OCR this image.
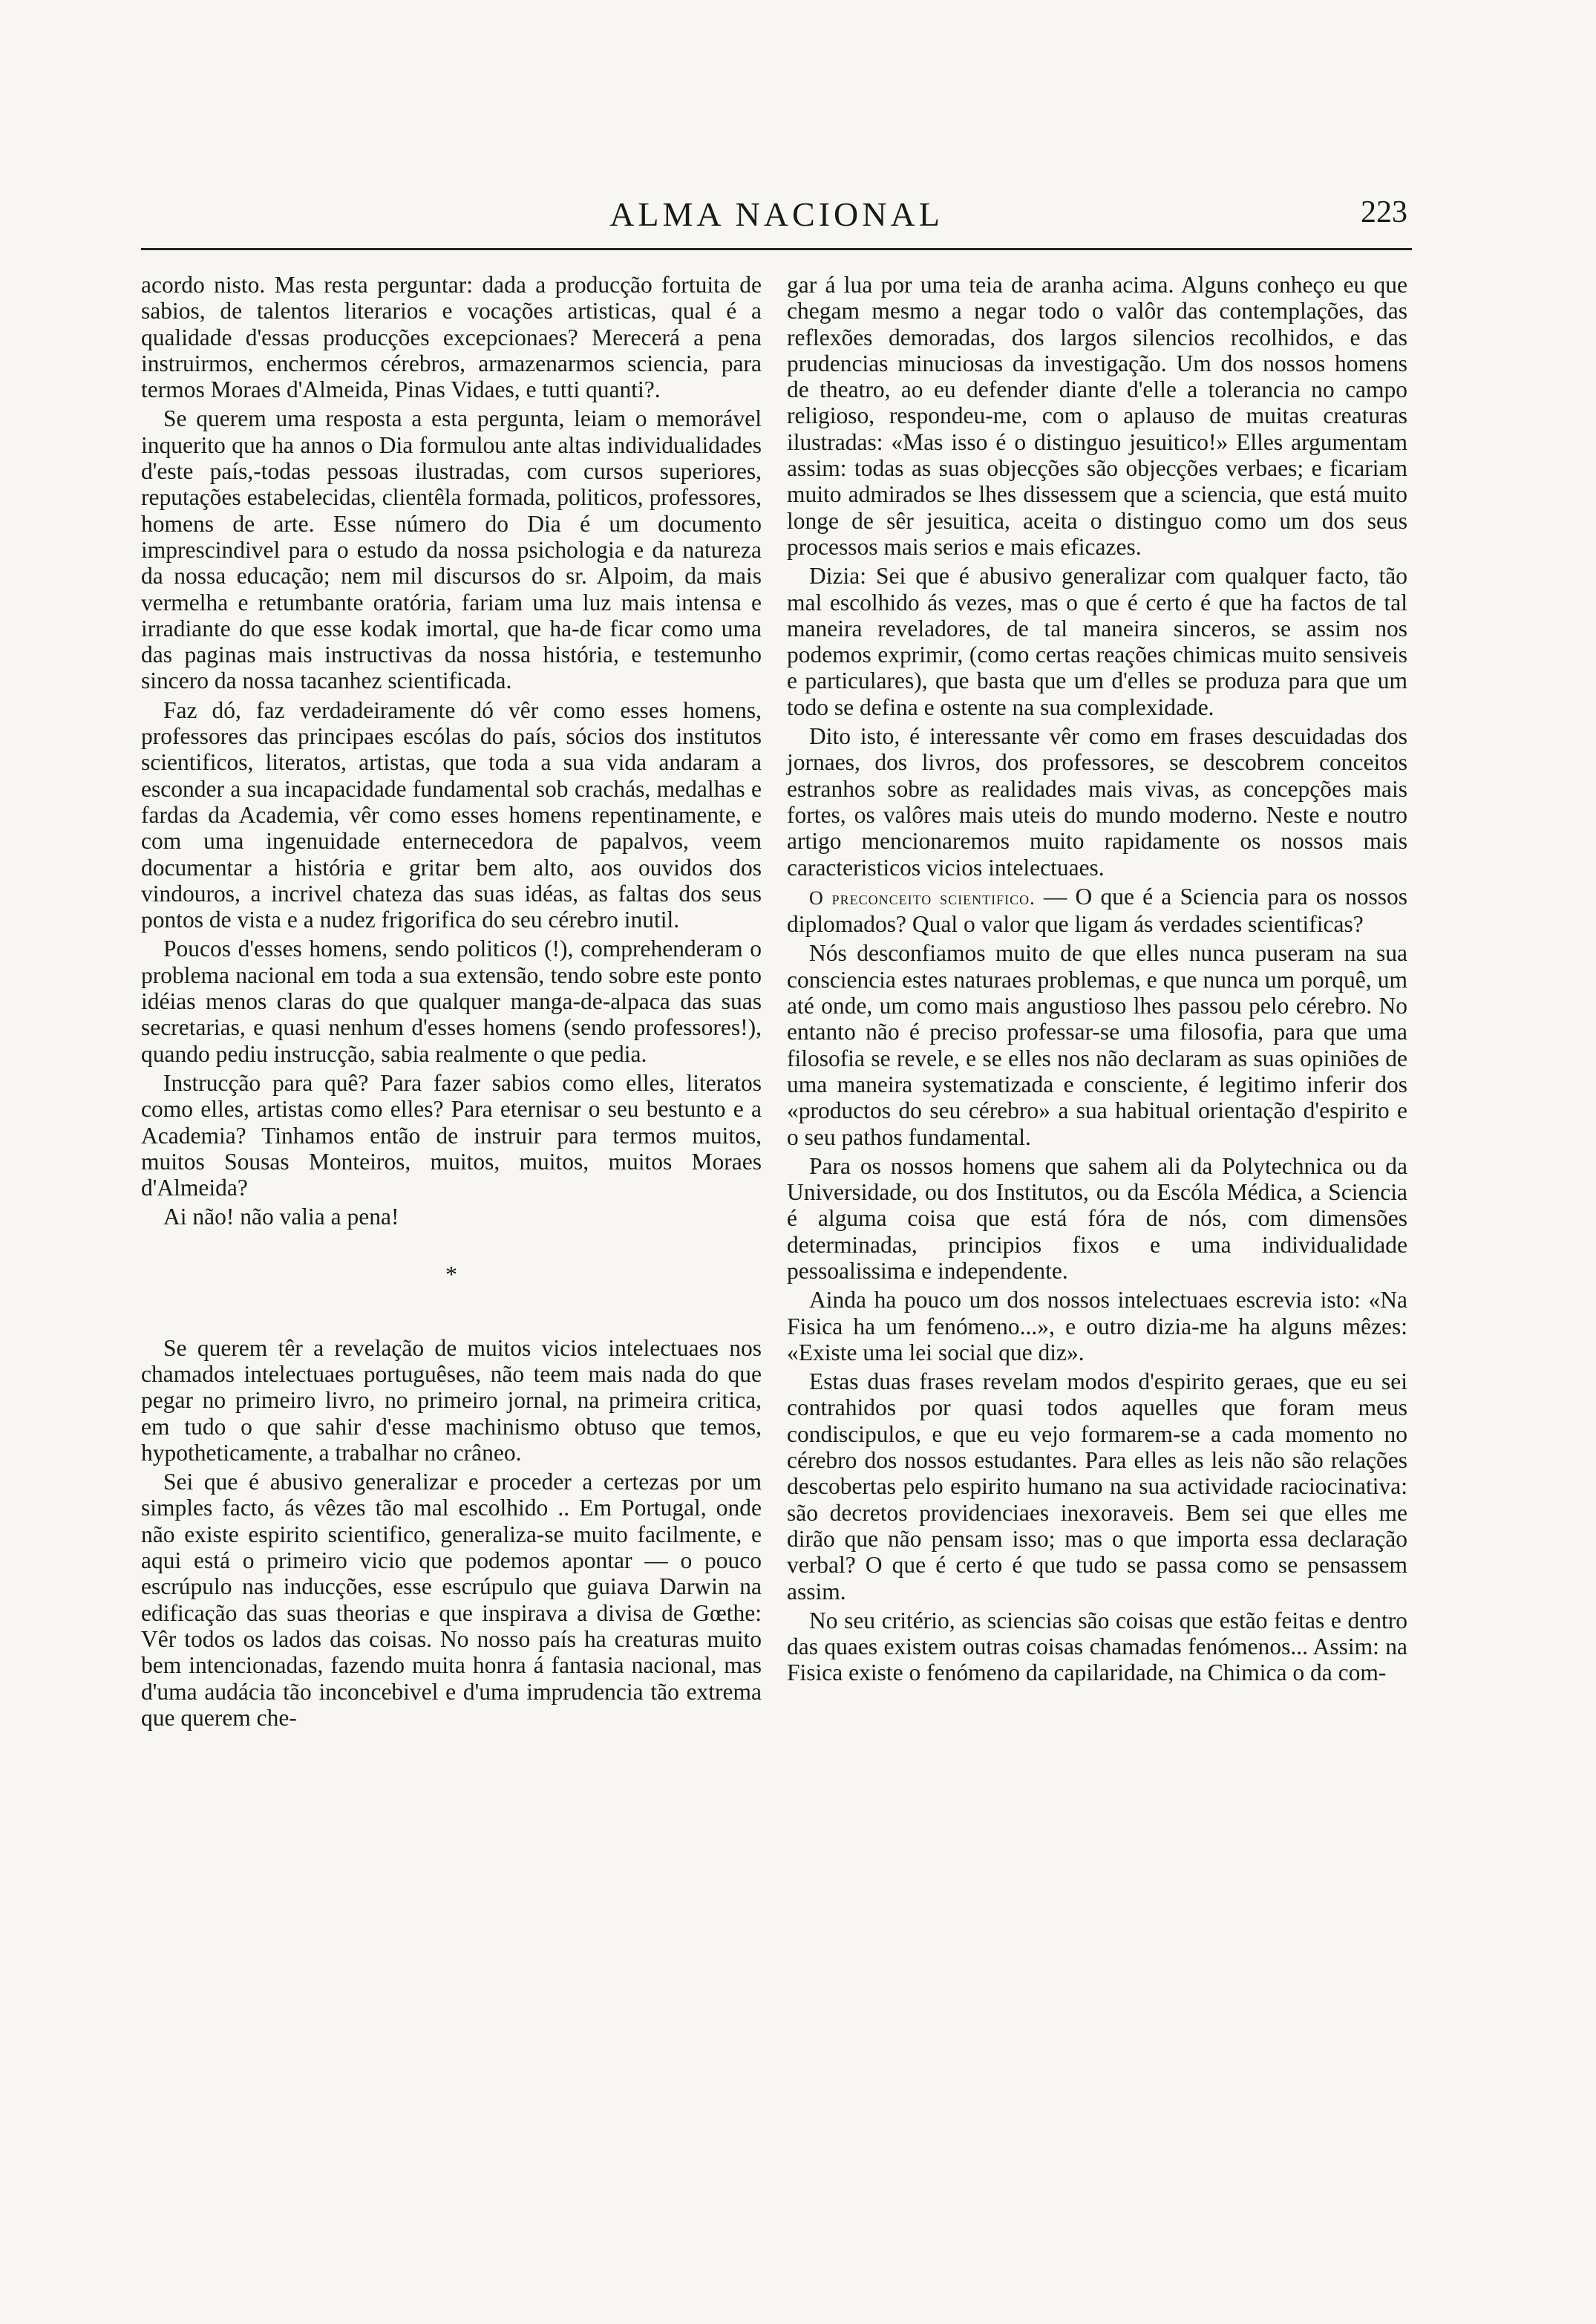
ALMA NACIONAL	223

acordo nisto. Mas resta perguntar: dada a producção fortuita de sabios, de talentos literarios e vocações artisticas, qual é a qualidade d'essas producções excepcionaes? Merecerá a pena instruirmos, enchermos cérebros, armazenarmos sciencia, para termos Moraes d'Almeida, Pinas Vidaes, e tutti quanti?.

Se querem uma resposta a esta pergunta, leiam o memorável inquerito que ha annos o Dia formulou ante altas individualidades d'este país,-todas pessoas ilustradas, com cursos superiores, reputações estabelecidas, clientêla formada, politicos, professores, homens de arte. Esse número do Dia é um documento imprescindivel para o estudo da nossa psichologia e da natureza da nossa educação; nem mil discursos do sr. Alpoim, da mais vermelha e retumbante oratória, fariam uma luz mais intensa e irradiante do que esse kodak imortal, que ha-de ficar como uma das paginas mais instructivas da nossa história, e testemunho sincero da nossa tacanhez scientificada.

Faz dó, faz verdadeiramente dó vêr como esses homens, professores das principaes escólas do país, sócios dos institutos scientificos, literatos, artistas, que toda a sua vida andaram a esconder a sua incapacidade fundamental sob crachás, medalhas e fardas da Academia, vêr como esses homens repentinamente, e com uma ingenuidade enternecedora de papalvos, veem documentar a história e gritar bem alto, aos ouvidos dos vindouros, a incrivel chateza das suas idéas, as faltas dos seus pontos de vista e a nudez frigorifica do seu cérebro inutil.

Poucos d'esses homens, sendo politicos (!), comprehenderam o problema nacional em toda a sua extensão, tendo sobre este ponto idéias menos claras do que qualquer manga-de-alpaca das suas secretarias, e quasi nenhum d'esses homens (sendo professores!), quando pediu instrucção, sabia realmente o que pedia.

Instrucção para quê? Para fazer sabios como elles, literatos como elles, artistas como elles? Para eternisar o seu bestunto e a Academia? Tinhamos então de instruir para termos muitos, muitos Sousas Monteiros, muitos, muitos, muitos Moraes d'Almeida?

Ai não! não valia a pena!

*

Se querem têr a revelação de muitos vicios intelectuaes nos chamados intelectuaes portuguêses, não teem mais nada do que pegar no primeiro livro, no primeiro jornal, na primeira critica, em tudo o que sahir d'esse machinismo obtuso que temos, hypotheticamente, a trabalhar no crâneo.

Sei que é abusivo generalizar e proceder a certezas por um simples facto, ás vêzes tão mal escolhido .. Em Portugal, onde não existe espirito scientifico, generaliza-se muito facilmente, e aqui está o primeiro vicio que podemos apontar — o pouco escrúpulo nas inducções, esse escrúpulo que guiava Darwin na edificação das suas theorias e que inspirava a divisa de Gœthe: Vêr todos os lados das coisas. No nosso país ha creaturas muito bem intencionadas, fazendo muita honra á fantasia nacional, mas d'uma audácia tão inconcebivel e d'uma imprudencia tão extrema que querem che-

gar á lua por uma teia de aranha acima. Alguns conheço eu que chegam mesmo a negar todo o valôr das contemplações, das reflexões demoradas, dos largos silencios recolhidos, e das prudencias minuciosas da investigação. Um dos nossos homens de theatro, ao eu defender diante d'elle a tolerancia no campo religioso, respondeu-me, com o aplauso de muitas creaturas ilustradas: «Mas isso é o distinguo jesuitico!» Elles argumentam assim: todas as suas objecções são objecções verbaes; e ficariam muito admirados se lhes dissessem que a sciencia, que está muito longe de sêr jesuitica, aceita o distinguo como um dos seus processos mais serios e mais eficazes.

Dizia: Sei que é abusivo generalizar com qualquer facto, tão mal escolhido ás vezes, mas o que é certo é que ha factos de tal maneira reveladores, de tal maneira sinceros, se assim nos podemos exprimir, (como certas reações chimicas muito sensiveis e particulares), que basta que um d'elles se produza para que um todo se defina e ostente na sua complexidade.

Dito isto, é interessante vêr como em frases descuidadas dos jornaes, dos livros, dos professores, se descobrem conceitos estranhos sobre as realidades mais vivas, as concepções mais fortes, os valôres mais uteis do mundo moderno. Neste e noutro artigo mencionaremos muito rapidamente os nossos mais caracteristicos vicios intelectuaes.

O preconceito scientifico. — O que é a Sciencia para os nossos diplomados? Qual o valor que ligam ás verdades scientificas?

Nós desconfiamos muito de que elles nunca puseram na sua consciencia estes naturaes problemas, e que nunca um porquê, um até onde, um como mais angustioso lhes passou pelo cérebro. No entanto não é preciso professar-se uma filosofia, para que uma filosofia se revele, e se elles nos não declaram as suas opiniões de uma maneira systematizada e consciente, é legitimo inferir dos «productos do seu cérebro» a sua habitual orientação d'espirito e o seu pathos fundamental.

Para os nossos homens que sahem ali da Polytechnica ou da Universidade, ou dos Institutos, ou da Escóla Médica, a Sciencia é alguma coisa que está fóra de nós, com dimensões determinadas, principios fixos e uma individualidade pessoalissima e independente.

Ainda ha pouco um dos nossos intelectuaes escrevia isto: «Na Fisica ha um fenómeno...», e outro dizia-me ha alguns mêzes: «Existe uma lei social que diz».

Estas duas frases revelam modos d'espirito geraes, que eu sei contrahidos por quasi todos aquelles que foram meus condiscipulos, e que eu vejo formarem-se a cada momento no cérebro dos nossos estudantes. Para elles as leis não são relações descobertas pelo espirito humano na sua actividade raciocinativa: são decretos providenciaes inexoraveis. Bem sei que elles me dirão que não pensam isso; mas o que importa essa declaração verbal? O que é certo é que tudo se passa como se pensassem assim.

No seu critério, as sciencias são coisas que estão feitas e dentro das quaes existem outras coisas chamadas fenómenos... Assim: na Fisica existe o fenómeno da capilaridade, na Chimica o da com-
